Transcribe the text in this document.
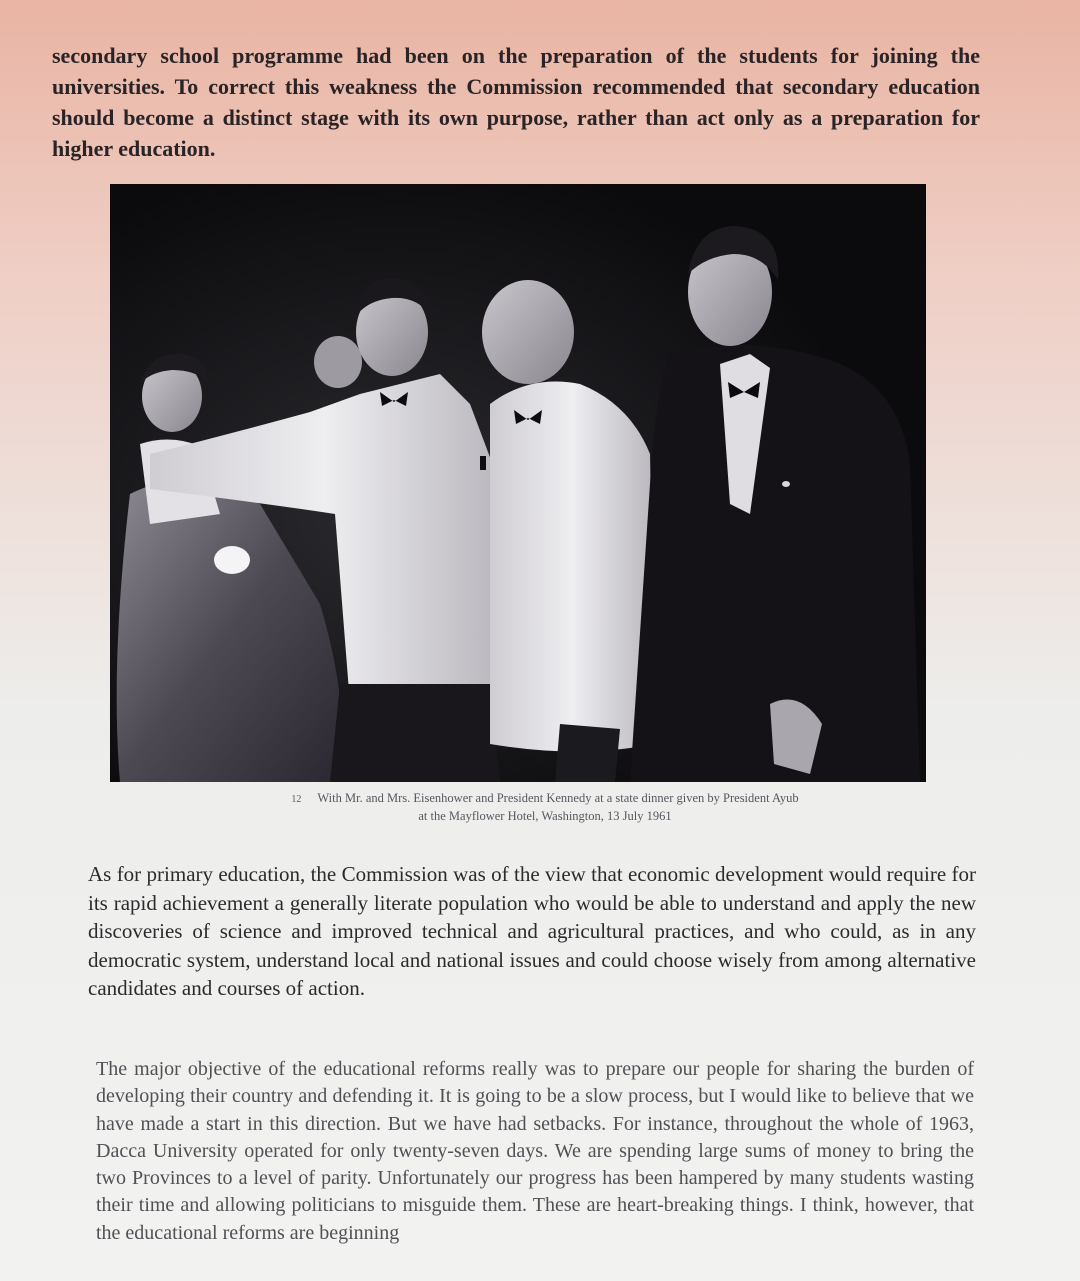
secondary school programme had been on the preparation of the students for joining the universities. To correct this weakness the Commission recommended that secondary education should become a distinct stage with its own purpose, rather than act only as a preparation for higher education.

12 With Mr. and Mrs. Eisenhower and President Kennedy at a state dinner given by President Ayub
at the Mayflower Hotel, Washington, 13 July 1961

As for primary education, the Commission was of the view that economic development would require for its rapid achievement a generally literate population who would be able to understand and apply the new discoveries of science and improved technical and agricultural practices, and who could, as in any democratic system, understand local and national issues and could choose wisely from among alternative candidates and courses of action.

The major objective of the educational reforms really was to prepare our people for sharing the burden of developing their country and defending it. It is going to be a slow process, but I would like to believe that we have made a start in this direction. But we have had setbacks. For instance, throughout the whole of 1963, Dacca University operated for only twenty-seven days. We are spending large sums of money to bring the two Provinces to a level of parity. Unfortunately our progress has been hampered by many students wasting their time and allowing politicians to misguide them. These are heart-breaking things. I think, however, that the educational reforms are beginning
